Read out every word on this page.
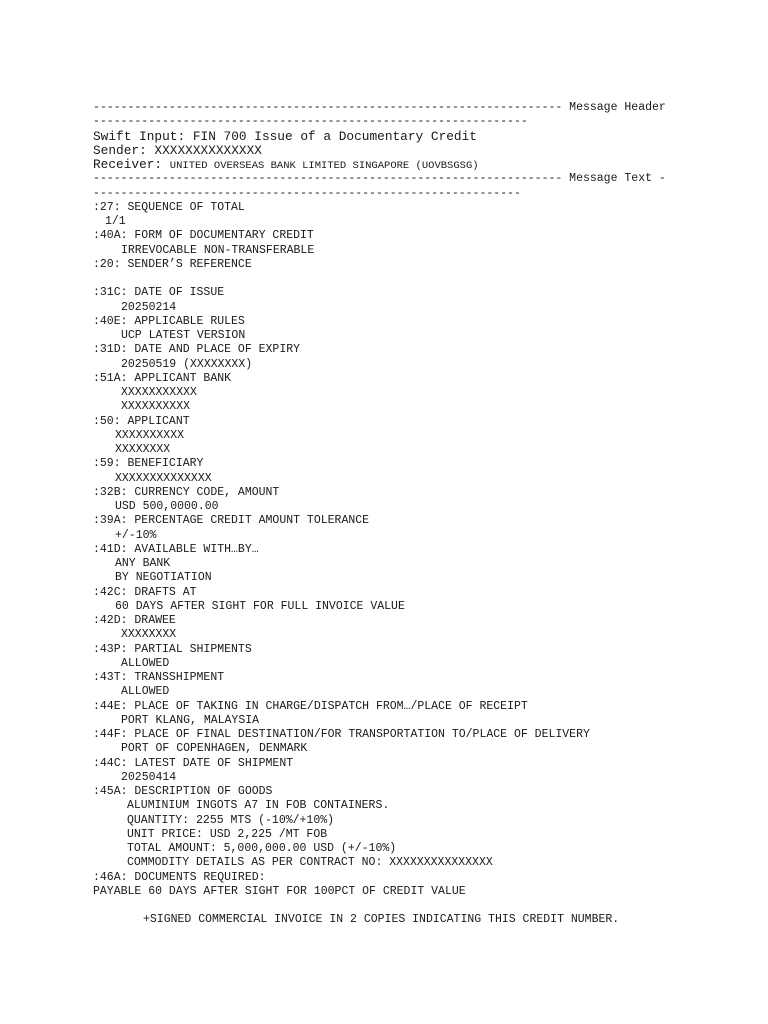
-------------------------------------------------------------------- Message Header
---------------------------------------------------------------
Swift Input: FIN 700 Issue of a Documentary Credit
Sender: XXXXXXXXXXXXXX
Receiver: UNITED OVERSEAS BANK LIMITED SINGAPORE (UOVBSGSG)
-------------------------------------------------------------------- Message Text -
--------------------------------------------------------------
:27: SEQUENCE OF TOTAL
1/1
:40A: FORM OF DOCUMENTARY CREDIT
IRREVOCABLE NON-TRANSFERABLE
:20: SENDER’S REFERENCE
:31C: DATE OF ISSUE
20250214
:40E: APPLICABLE RULES
UCP LATEST VERSION
:31D: DATE AND PLACE OF EXPIRY
20250519 (XXXXXXXX)
:51A: APPLICANT BANK
XXXXXXXXXXX
XXXXXXXXXX
:50: APPLICANT
XXXXXXXXXX
XXXXXXXX
:59: BENEFICIARY
XXXXXXXXXXXXXX
:32B: CURRENCY CODE, AMOUNT
USD 500,0000.00
:39A: PERCENTAGE CREDIT AMOUNT TOLERANCE
+/-10%
:41D: AVAILABLE WITH…BY…
ANY BANK
BY NEGOTIATION
:42C: DRAFTS AT
60 DAYS AFTER SIGHT FOR FULL INVOICE VALUE
:42D: DRAWEE
XXXXXXXX
:43P: PARTIAL SHIPMENTS
ALLOWED
:43T: TRANSSHIPMENT
ALLOWED
:44E: PLACE OF TAKING IN CHARGE/DISPATCH FROM…/PLACE OF RECEIPT
PORT KLANG, MALAYSIA
:44F: PLACE OF FINAL DESTINATION/FOR TRANSPORTATION TO/PLACE OF DELIVERY
PORT OF COPENHAGEN, DENMARK
:44C: LATEST DATE OF SHIPMENT
20250414
:45A: DESCRIPTION OF GOODS
ALUMINIUM INGOTS A7 IN FOB CONTAINERS.
QUANTITY: 2255 MTS (-10%/+10%)
UNIT PRICE: USD 2,225 /MT FOB
TOTAL AMOUNT: 5,000,000.00 USD (+/-10%)
COMMODITY DETAILS AS PER CONTRACT NO: XXXXXXXXXXXXXXX
:46A: DOCUMENTS REQUIRED:
PAYABLE 60 DAYS AFTER SIGHT FOR 100PCT OF CREDIT VALUE
+SIGNED COMMERCIAL INVOICE IN 2 COPIES INDICATING THIS CREDIT NUMBER.
